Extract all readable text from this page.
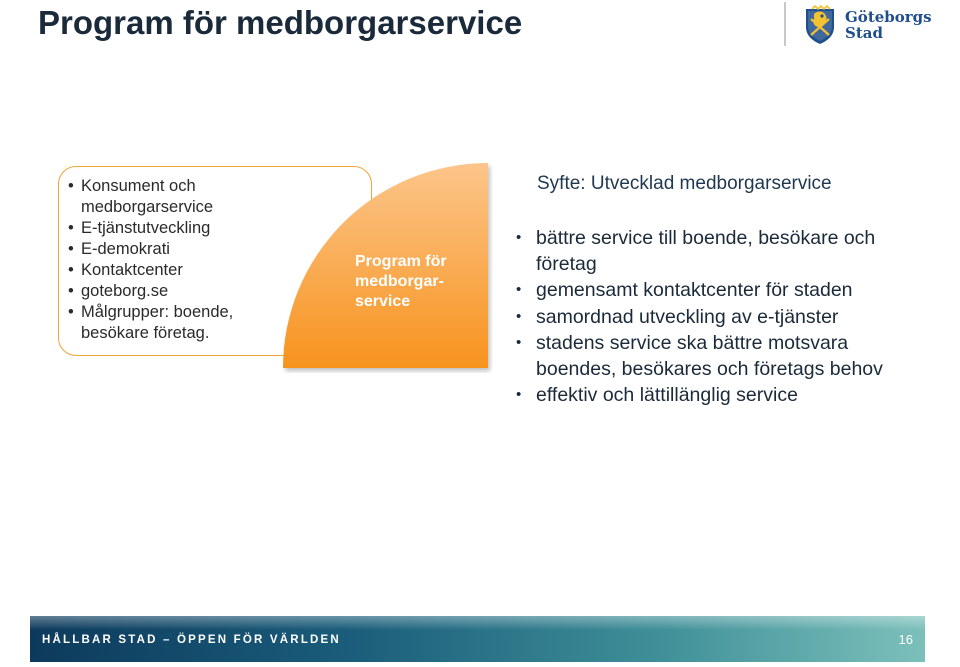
Program för medborgarservice	Göteborgs
Stad
• Konsument och medborgarservice
• E-tjänstutveckling
• E-demokrati
• Kontaktcenter
• goteborg.se
• Målgrupper: boende, besökare företag.
Program för
medborgar-
service
Syfte: Utvecklad medborgarservice
• bättre service till boende, besökare och företag
• gemensamt kontaktcenter för staden
• samordnad utveckling av e-tjänster
• stadens service ska bättre motsvara boendes, besökares och företags behov
• effektiv och lättillänglig service
HÅLLBAR STAD – ÖPPEN FÖR VÄRLDEN	16
